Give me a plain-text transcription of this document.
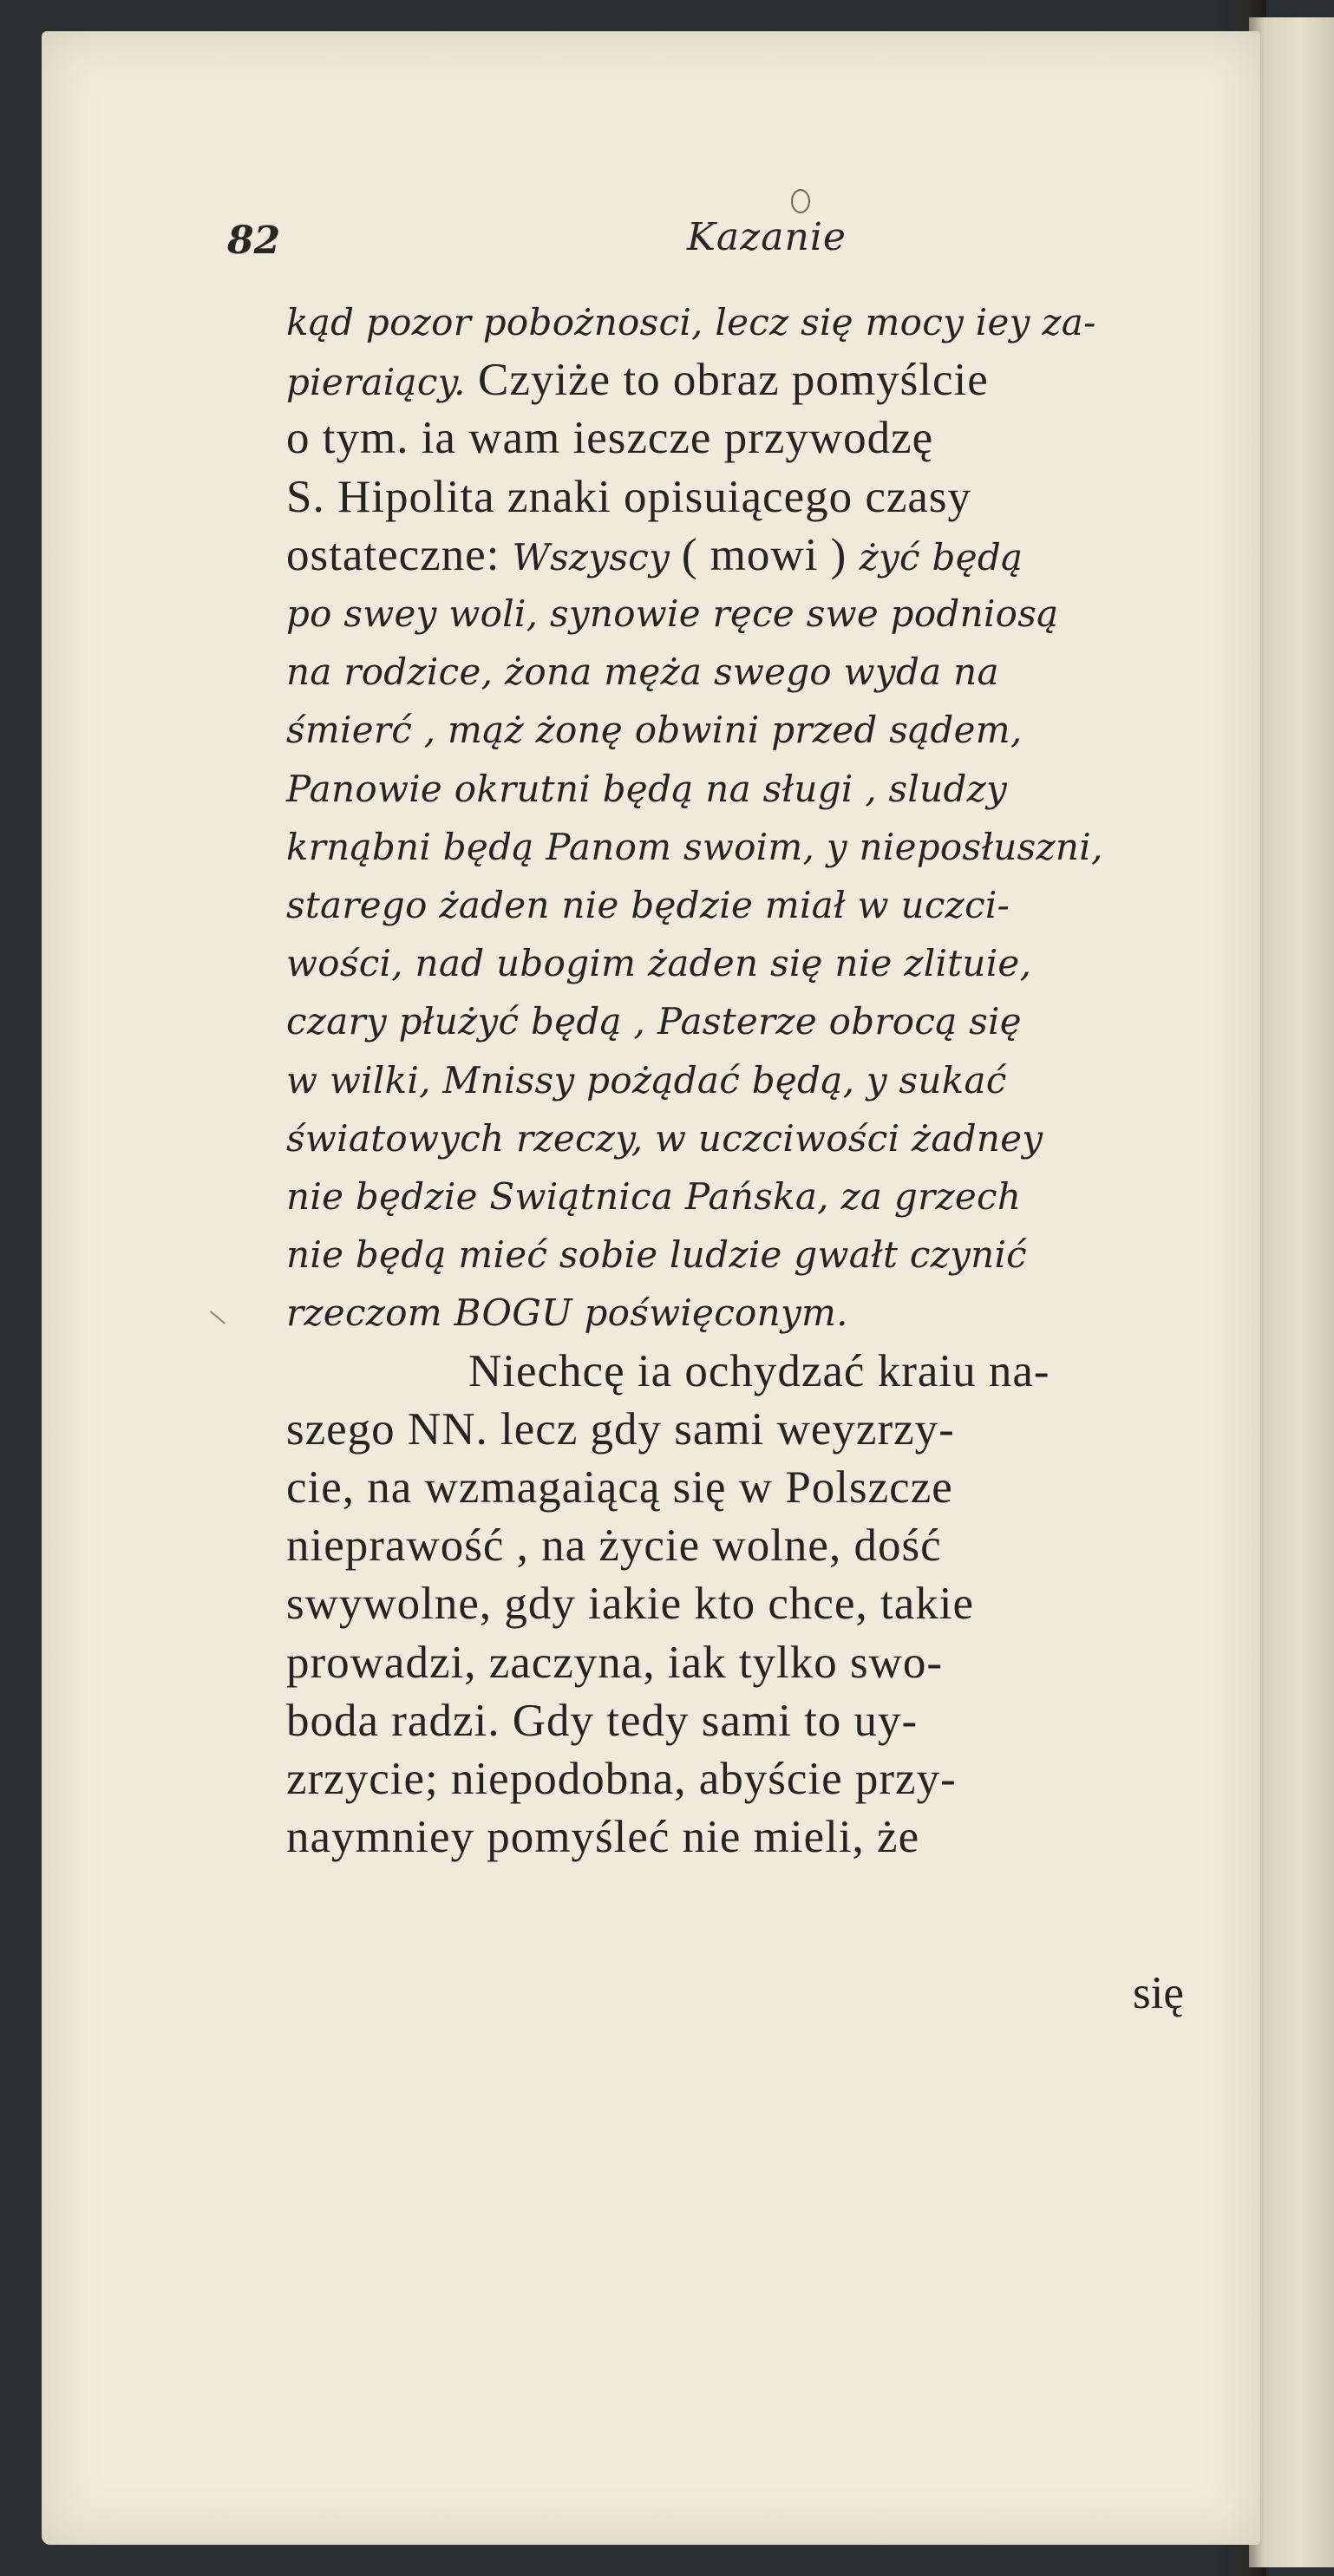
82	Kazanie
kąd pozor pobożnosci, lecz się mocy iey za-
pieraiący. Czyiże to obraz pomyślcie
o tym. ia wam ieszcze przywodzę
S. Hipolita znaki opisuiącego czasy
ostateczne: Wszyscy ( mowi ) żyć będą
po swey woli, synowie ręce swe podniosą
na rodzice, żona męża swego wyda na
śmierć , mąż żonę obwini przed sądem,
Panowie okrutni będą na sługi , sludzy
krnąbni będą Panom swoim, y nieposłuszni,
starego żaden nie będzie miał w uczci-
wości, nad ubogim żaden się nie zlituie,
czary płużyć będą , Pasterze obrocą się
w wilki, Mnissy pożądać będą, y sukać
światowych rzeczy, w uczciwości żadney
nie będzie Swiątnica Pańska, za grzech
nie będą mieć sobie ludzie gwałt czynić
rzeczom BOGU poświęconym.
Niechcę ia ochydzać kraiu na-
szego NN. lecz gdy sami weyzrzy-
cie, na wzmagaiącą się w Polszcze
nieprawość , na życie wolne, dość
swywolne, gdy iakie kto chce, takie
prowadzi, zaczyna, iak tylko swo-
boda radzi. Gdy tedy sami to uy-
zrzycie; niepodobna, abyście przy-
naymniey pomyśleć nie mieli, że
się
